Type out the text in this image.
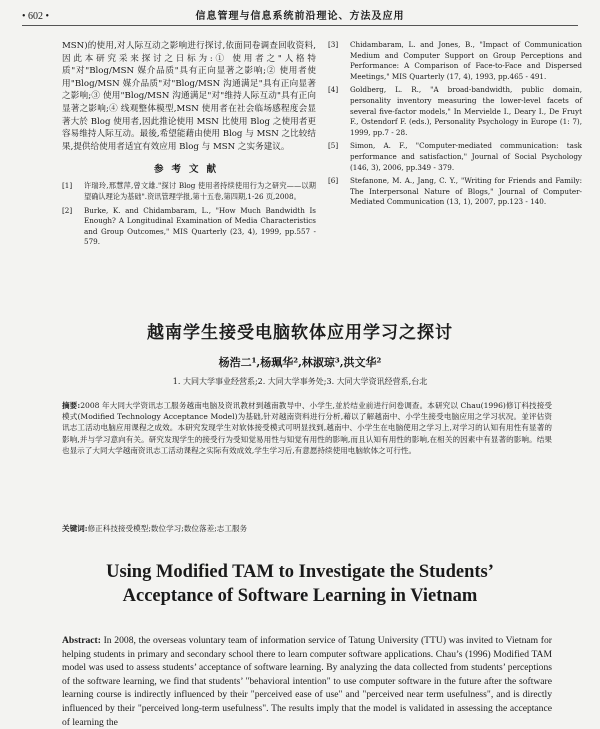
• 602 •	信息管理与信息系统前沿理论、方法及应用

MSN)的使用,对人际互动之影响进行探讨,依面同卷调查回收资料,因此本研究采来探讨之日标为:① 使用者之"人格特质"对"Blog/MSN 媒介品质"具有正向显著之影响;② 使用者使用"Blog/MSN 媒介品质"对"Blog/MSN 沟通满足"具有正向显著之影响;③ 使用"Blog/MSN 沟通满足"对"维持人际互动"具有正向显著之影响;④ 线观整体模型,MSN 使用者在社会临场感程度会显著大於 Blog 使用者,因此推论使用 MSN 比使用 Blog 之使用者更容易维持人际互动。最後,希望能藉由使用 Blog 与 MSN 之比较结果,提供给使用者适宜有效应用 Blog 与 MSN 之实务建议。

参考文献
[1]	许瑞玲,邢慧萍,曾文雄."探讨 Blog 使用者持续使用行为之研究——以期望确认理论为基础".资讯管理学报,第十五卷,第四期,1-26 页,2008。
[2]	Burke, K. and Chidambaram, L., "How Much Bandwidth Is Enough? A Longitudinal Examination of Media Characteristics and Group Outcomes," MIS Quarterly (23, 4), 1999, pp.557 - 579.
[3]	Chidambaram, L. and Jones, B., "Impact of Communication Medium and Computer Support on Group Perceptions and Performance: A Comparison of Face-to-Face and Dispersed Meetings," MIS Quarterly (17, 4), 1993, pp.465 - 491.
[4]	Goldberg, L. R., "A broad-bandwidth, public domain, personality inventory measuring the lower-level facets of several five-factor models," In Mervielde I., Deary I., De Fruyt F., Ostendorf F. (eds.), Personality Psychology in Europe (1: 7), 1999, pp.7 - 28.
[5]	Simon, A. F., "Computer-mediated communication: task performance and satisfaction," Journal of Social Psychology (146, 3), 2006, pp.349 - 379.
[6]	Stefanone, M. A., Jang, C. Y., "Writing for Friends and Family: The Interpersonal Nature of Blogs," Journal of Computer-Mediated Communication (13, 1), 2007, pp.123 - 140.
越南学生接受电脑软体应用学习之探讨
杨浩二¹,杨珮华²,林淑琼³,洪文华²
1. 大同大学事业经营系;2. 大同大学事务处;3. 大同大学资讯经营系,台北
摘要:2008 年大同大学资讯志工服务越南电脑及资讯教材到越南教导中、小学生,並於结业前进行问卷调查。本研究以 Chau(1996)修订科技接受模式(Modified Technology Acceptance Model)为基础,针对越南资料进行分析,藉以了解越南中、小学生接受电脑应用之学习状况。並评估资讯志工活动电脑应用课程之成效。本研究发现学生对软体接受模式可明显找到,越南中、小学生在电脑使用之学习上,对学习的认知有用性有显著的影响,并与学习意向有关。研究发现学生的接受行为受知觉易用性与知觉有用性的影响,而且认知有用性的影响,在相关的因素中有显著的影响。结果也显示了大同大学越南资讯志工活动课程之实际有效成效,学生学习后,有意愿持续使用电脑软体之可行性。
关键词:修正科技接受模型;数位学习;数位落差;志工服务
Using Modified TAM to Investigate the Students’
Acceptance of Software Learning in Vietnam
Abstract: In 2008, the overseas voluntary team of information service of Tatung University (TTU) was invited to Vietnam for helping students in primary and secondary school there to learn computer software applications. Chau’s (1996) Modified TAM model was used to assess students’ acceptance of software learning. By analyzing the data collected from students’ perceptions of the software learning, we find that students’ "behavioral intention" to use computer software in the future after the software learning course is indirectly influenced by their "perceived ease of use" and "perceived near term usefulness", and is directly influenced by their "perceived long-term usefulness". The results imply that the model is validated in assessing the acceptance of learning the
